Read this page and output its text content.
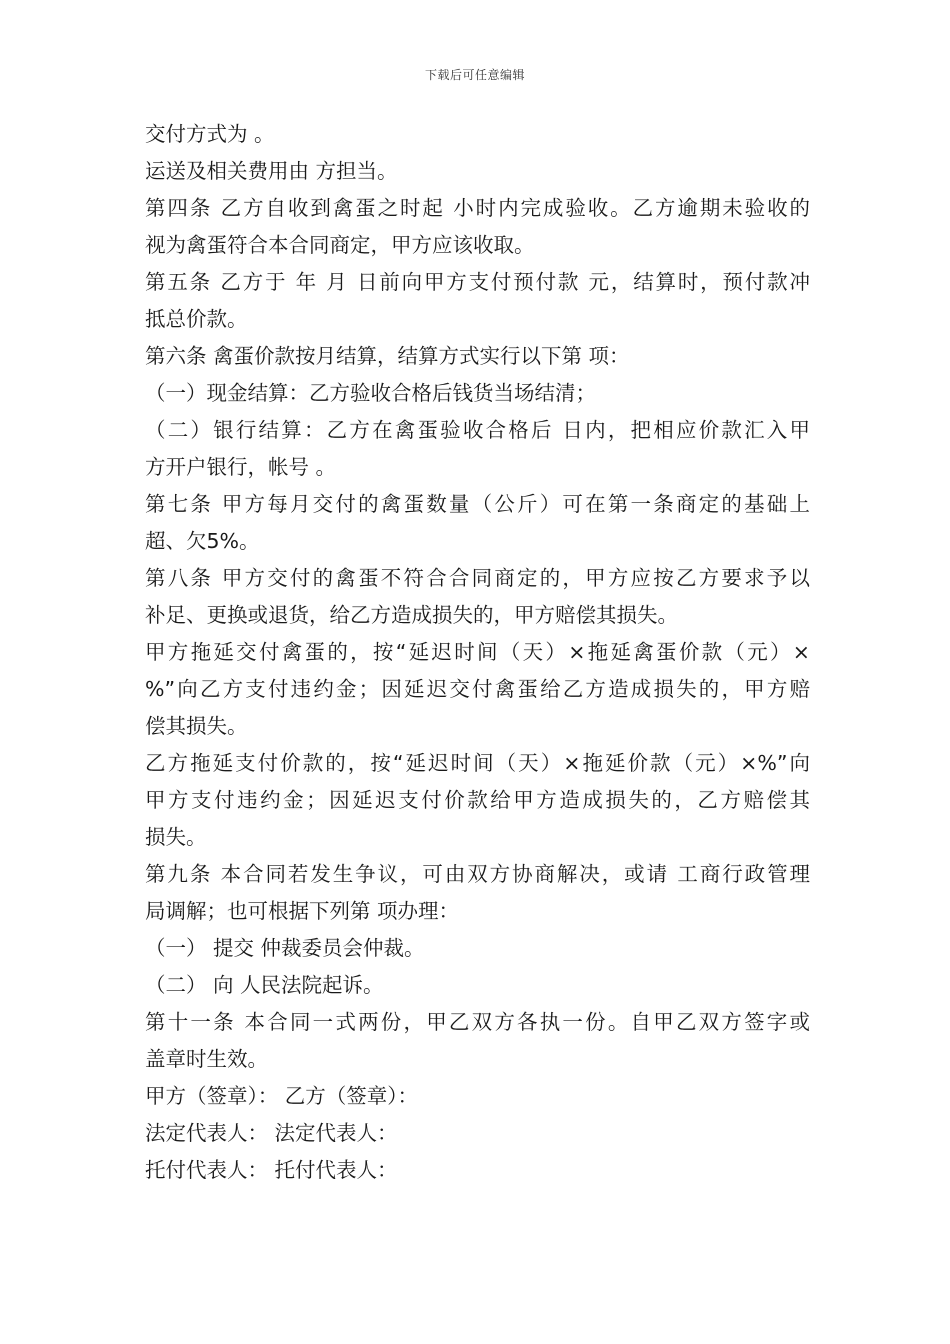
下载后可任意编辑
交付方式为 。
运送及相关费用由 方担当。
第四条 乙方自收到禽蛋之时起 小时内完成验收。乙方逾期未验收的
视为禽蛋符合本合同商定，甲方应该收取。
第五条 乙方于 年 月 日前向甲方支付预付款 元，结算时，预付款冲
抵总价款。
第六条 禽蛋价款按月结算，结算方式实行以下第 项：
（一）现金结算：乙方验收合格后钱货当场结清；
（二）银行结算：乙方在禽蛋验收合格后 日内，把相应价款汇入甲
方开户银行，帐号 。
第七条 甲方每月交付的禽蛋数量（公斤）可在第一条商定的基础上
超、欠5%。
第八条 甲方交付的禽蛋不符合合同商定的，甲方应按乙方要求予以
补足、更换或退货，给乙方造成损失的，甲方赔偿其损失。
甲方拖延交付禽蛋的，按“延迟时间（天）×拖延禽蛋价款（元）×
%”向乙方支付违约金；因延迟交付禽蛋给乙方造成损失的，甲方赔
偿其损失。
乙方拖延支付价款的，按“延迟时间（天）×拖延价款（元）×%”向
甲方支付违约金；因延迟支付价款给甲方造成损失的，乙方赔偿其
损失。
第九条 本合同若发生争议，可由双方协商解决，或请 工商行政管理
局调解；也可根据下列第 项办理：
（一） 提交 仲裁委员会仲裁。
（二） 向 人民法院起诉。
第十一条 本合同一式两份，甲乙双方各执一份。自甲乙双方签字或
盖章时生效。
甲方（签章）： 乙方（签章）：
法定代表人： 法定代表人：
托付代表人： 托付代表人：
